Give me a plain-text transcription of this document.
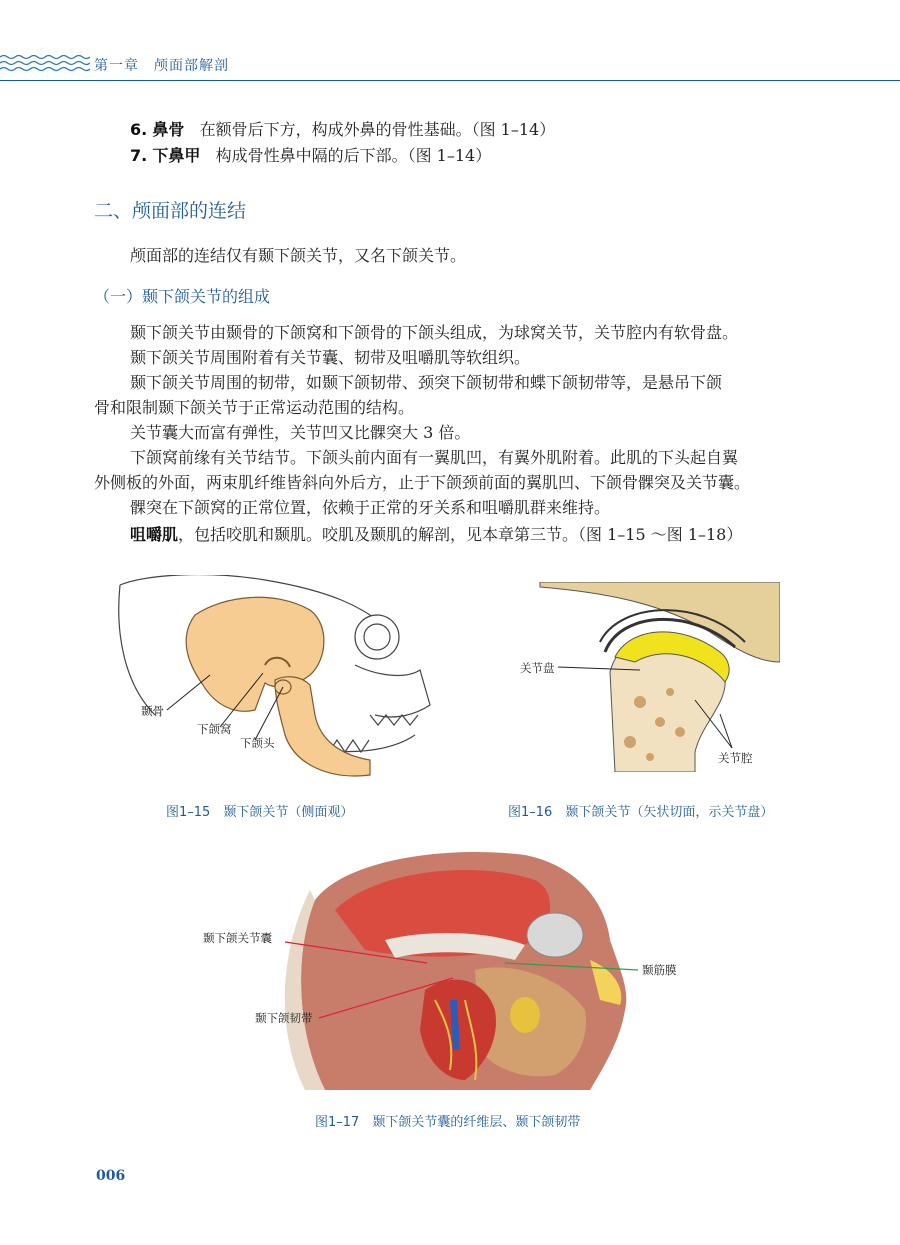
第一章　颅面部解剖
6. 鼻骨 在额骨后下方，构成外鼻的骨性基础。（图 1–14）
7. 下鼻甲 构成骨性鼻中隔的后下部。（图 1–14）
二、颅面部的连结
颅面部的连结仅有颞下颌关节，又名下颌关节。
（一）颞下颌关节的组成
颞下颌关节由颞骨的下颌窝和下颌骨的下颌头组成，为球窝关节，关节腔内有软骨盘。
颞下颌关节周围附着有关节囊、韧带及咀嚼肌等软组织。
颞下颌关节周围的韧带，如颞下颌韧带、颈突下颌韧带和蝶下颌韧带等，是悬吊下颌
骨和限制颞下颌关节于正常运动范围的结构。
关节囊大而富有弹性，关节凹又比髁突大 3 倍。
下颌窝前缘有关节结节。下颌头前内面有一翼肌凹，有翼外肌附着。此肌的下头起自翼
外侧板的外面，两束肌纤维皆斜向外后方，止于下颌颈前面的翼肌凹、下颌骨髁突及关节囊。
髁突在下颌窝的正常位置，依赖于正常的牙关系和咀嚼肌群来维持。
咀嚼肌，包括咬肌和颞肌。咬肌及颞肌的解剖，见本章第三节。（图 1–15 ～图 1–18）
颞骨
下颌窝
下颌头
图1–15　颞下颌关节（侧面观）
关节盘
关节腔
图1–16　颞下颌关节（矢状切面，示关节盘）
颞下颌关节囊
颞下颌韧带
颞筋膜
图1–17　颞下颌关节囊的纤维层、颞下颌韧带
006
